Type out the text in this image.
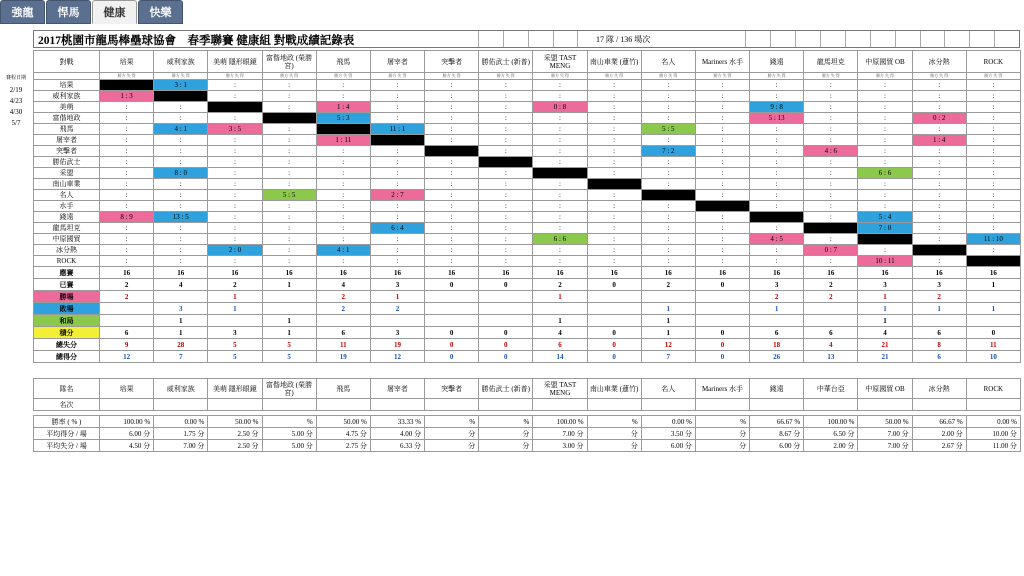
強龍	悍馬	健康	快樂
2017桃園市龍馬棒壘球協會　春季聯賽 健康組 對戰成績記錄表	17 隊 / 136 場次
賽程日期
2/19
4/23
4/30
5/7
對戰	培果	威利家族	美萌 隱形眼鏡	富偕地政 (榮勝宮)	飛馬	屠宰者	突擊者	勝佑武士 (新普)	采盟 TAST MENG	南山車業 (蓮竹)	名人	Mariners 水手	錢遠	龍馬坦克	中原國貿 OB	冰分熱	ROCK
	勝方 失 得	勝方 失 得	勝方 失 得	勝方 失 得	勝方 失 得	勝方 失 得	勝方 失 得	勝方 失 得	勝方 失 得	勝方 失 得	勝方 失 得	勝方 失 得	勝方 失 得	勝方 失 得	勝方 失 得	勝方 失 得	勝方 失 得
培果		3 : 1	:	:	:	:	:	:	:	:	:	:	:	:	:	:	:
威利家族	1 : 3		:	:	:	:	:	:	:	:	:	:	:	:	:	:	:
美萌	:	:		:	1 : 4	:	:	:	0 : 8	:	:	:	9 : 8	:	:	:	:
富偕地政	:	:	:		5 : 3	:	:	:	:	:	:	:	5 : 13	:	:	0 : 2	:
飛馬	:	4 : 1	3 : 5	:		11 : 1	:	:	:	:	5 : 5	:	:	:	:	:	:
屠宰者	:	:	:	:	1 : 11		:	:	:	:	:	:	:	:	:	1 : 4	:
突擊者	:	:	:	:	:	:		:	:	:	7 : 2	:	:	4 : 6	:	:	:
勝佑武士	:	:	:	:	:	:	:		:	:	:	:	:	:	:	:	:
采盟	:	8 : 0	:	:	:	:	:	:		:	:	:	:	:	6 : 6	:	:
南山車業	:	:	:	:	:	:	:	:	:		:	:	:	:	:	:	:
名人	:	:	:	5 : 5	:	2 : 7	:	:	:	:		:	:	:	:	:	:
水手	:	:	:	:	:	:	:	:	:	:	:		:	:	:	:	:
錢遠	8 : 9	13 : 5	:	:	:	:	:	:	:	:	:	:		:	5 : 4	:	:
龍馬坦克	:	:	:	:	:	6 : 4	:	:	:	:	:	:	:		7 : 0	:	:
中原國貿	:	:	:	:	:	:	:	:	6 : 6	:	:	:	4 : 5	:		:	11 : 10
冰分熱	:	:	2 : 0	:	4 : 1	:	:	:	:	:	:	:	:	0 : 7	:		:
ROCK	:	:	:	:	:	:	:	:	:	:	:	:	:	:	10 : 11	:	
應賽	16	16	16	16	16	16	16	16	16	16	16	16	16	16	16	16	16
已賽	2	4	2	1	4	3	0	0	2	0	2	0	3	2	3	3	1
勝場	2		1		2	1			1				2	2	1	2	
敗場		3	1		2	2					1		1		1	1	1
和局		1		1					1		1				1		
積分	6	1	3	1	6	3	0	0	4	0	1	0	6	6	4	6	0
總失分	9	28	5	5	11	19	0	0	6	0	12	0	18	4	21	8	11
總得分	12	7	5	5	19	12	0	0	14	0	7	0	26	13	21	6	10
隊名	培果	威利家族	美萌 隱形眼鏡	富偕地政 (榮勝宮)	飛馬	屠宰者	突擊者	勝佑武士 (新普)	采盟 TAST MENG	南山車業 (蓮竹)	名人	Mariners 水手	錢遠	中華台亞	中原國貿 OB	冰分熱	ROCK
名次																	

勝率 ( % )	100.00 %	0.00 %	50.00 %	%	50.00 %	33.33 %	%	%	100.00 %	%	0.00 %	%	66.67 %	100.00 %	50.00 %	66.67 %	0.00 %
平均得分 / 場	6.00 分	1.75 分	2.50 分	5.00 分	4.75 分	4.00 分	分	分	7.00 分	分	3.50 分	分	8.67 分	6.50 分	7.00 分	2.00 分	10.00 分
平均失分 / 場	4.50 分	7.00 分	2.50 分	5.00 分	2.75 分	6.33 分	分	分	3.00 分	分	6.00 分	分	6.00 分	2.00 分	7.00 分	2.67 分	11.00 分
